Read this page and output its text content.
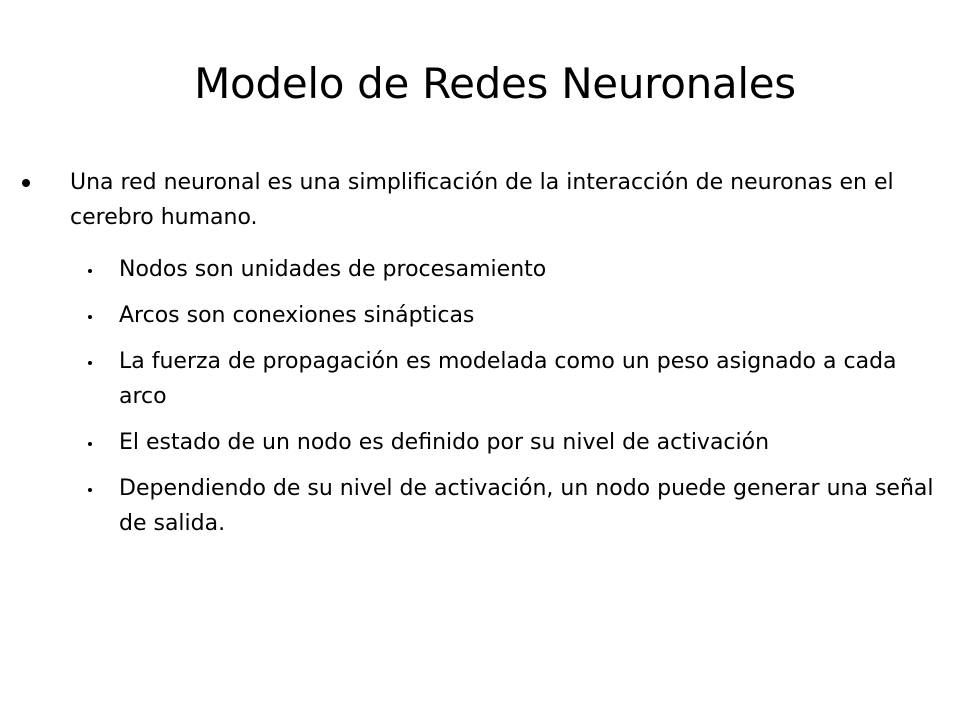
Modelo de Redes Neuronales
Una red neuronal es una simplificación de la interacción de neuronas en el cerebro humano.
Nodos son unidades de procesamiento
Arcos son conexiones sinápticas
La fuerza de propagación es modelada como un peso asignado a cada arco
El estado de un nodo es definido por su nivel de activación
Dependiendo de su nivel de activación, un nodo puede generar una señal de salida.
